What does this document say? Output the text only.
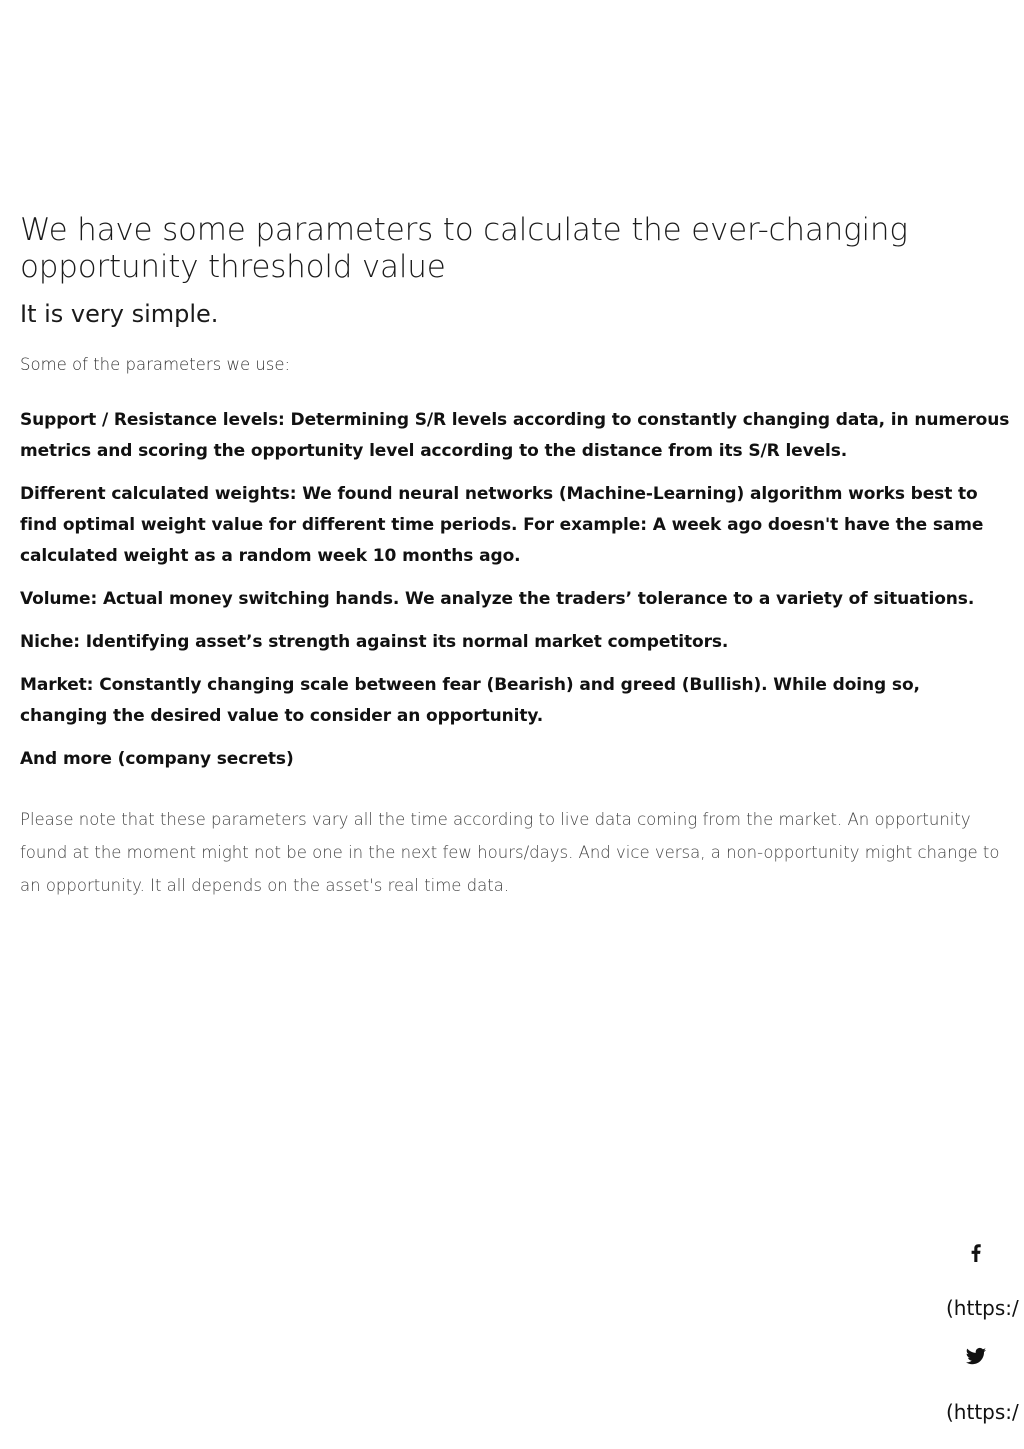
We have some parameters to calculate the ever-changing opportunity threshold value
It is very simple.

Some of the parameters we use:

Support / Resistance levels: Determining S/R levels according to constantly changing data, in numerous metrics and scoring the opportunity level according to the distance from its S/R levels.
Different calculated weights: We found neural networks (Machine-Learning) algorithm works best to find optimal weight value for different time periods. For example: A week ago doesn't have the same calculated weight as a random week 10 months ago.
Volume: Actual money switching hands. We analyze the traders’ tolerance to a variety of situations.
Niche: Identifying asset’s strength against its normal market competitors.
Market: Constantly changing scale between fear (Bearish) and greed (Bullish). While doing so, changing the desired value to consider an opportunity.
And more (company secrets)

Please note that these parameters vary all the time according to live data coming from the market. An opportunity found at the moment might not be one in the next few hours/days. And vice versa, a non-opportunity might change to an opportunity. It all depends on the asset's real time data.

(https:/
(https:/
